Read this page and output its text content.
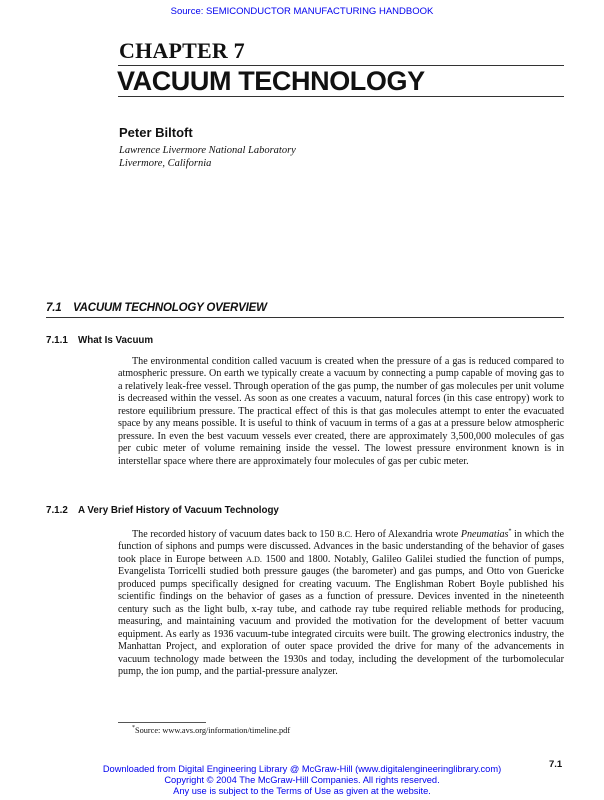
Source: SEMICONDUCTOR MANUFACTURING HANDBOOK
CHAPTER 7
VACUUM TECHNOLOGY
Peter Biltoft
Lawrence Livermore National Laboratory
Livermore, California
7.1 VACUUM TECHNOLOGY OVERVIEW
7.1.1 What Is Vacuum

The environmental condition called vacuum is created when the pressure of a gas is reduced compared to atmospheric pressure. On earth we typically create a vacuum by connecting a pump capable of moving gas to a relatively leak-free vessel. Through operation of the gas pump, the number of gas molecules per unit volume is decreased within the vessel. As soon as one creates a vacuum, natural forces (in this case entropy) work to restore equilibrium pressure. The practical effect of this is that gas molecules attempt to enter the evacuated space by any means possible. It is useful to think of vacuum in terms of a gas at a pressure below atmospheric pressure. In even the best vacuum vessels ever created, there are approximately 3,500,000 molecules of gas per cubic meter of volume remaining inside the vessel. The lowest pressure environment known is in interstellar space where there are approximately four molecules of gas per cubic meter.

7.1.2 A Very Brief History of Vacuum Technology

The recorded history of vacuum dates back to 150 B.C. Hero of Alexandria wrote Pneumatias* in which the function of siphons and pumps were discussed. Advances in the basic understanding of the behavior of gases took place in Europe between A.D. 1500 and 1800. Notably, Galileo Galilei studied the function of pumps, Evangelista Torricelli studied both pressure gauges (the barometer) and gas pumps, and Otto von Guericke produced pumps specifically designed for creating vacuum. The Englishman Robert Boyle published his scientific findings on the behavior of gases as a function of pressure. Devices invented in the nineteenth century such as the light bulb, x-ray tube, and cathode ray tube required reliable methods for producing, measuring, and maintaining vacuum and provided the motivation for the development of better vacuum equipment. As early as 1936 vacuum-tube integrated circuits were built. The growing electronics industry, the Manhattan Project, and exploration of outer space provided the drive for many of the advancements in vacuum technology made between the 1930s and today, including the development of the turbomolecular pump, the ion pump, and the partial-pressure analyzer.

*Source: www.avs.org/information/timeline.pdf
7.1
Downloaded from Digital Engineering Library @ McGraw-Hill (www.digitalengineeringlibrary.com)
Copyright © 2004 The McGraw-Hill Companies. All rights reserved.
Any use is subject to the Terms of Use as given at the website.
